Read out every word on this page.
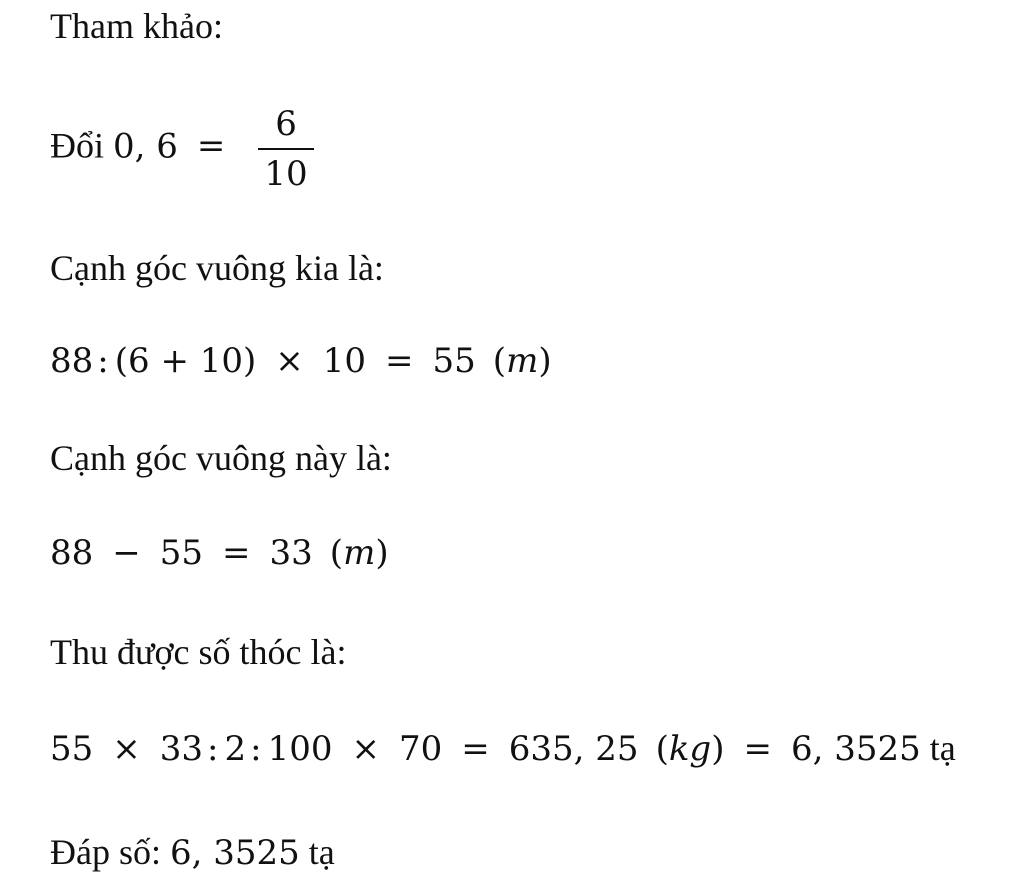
Tham khảo:
Đổi 0, $6 = \frac{6}{10}$
Cạnh góc vuông kia là:
88 : (6 + 10) × 10 = 55 (m)
Cạnh góc vuông này là:
88 − 55 = 33 (m)
Thu được số thóc là:
55 × 33 : 2 : 100 × 70 = 635, 25 (kg) = 6, 3525 tạ
Đáp số: 6, 3525 tạ
